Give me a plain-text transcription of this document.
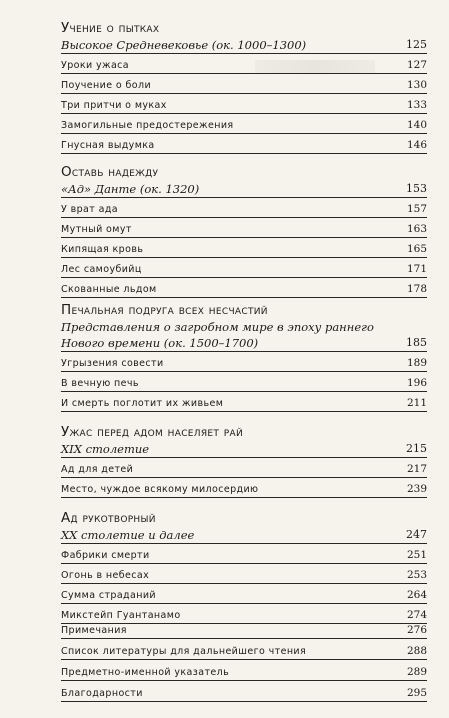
Учение о пытках
Высокое Средневековье (ок. 1000–1300)	125
Уроки ужаса	127
Поучение о боли	130
Три притчи о муках	133
Замогильные предостережения	140
Гнусная выдумка	146
Оставь надежду
«Ад» Данте (ок. 1320)	153
У врат ада	157
Мутный омут	163
Кипящая кровь	165
Лес самоубийц	171
Скованные льдом	178
Печальная подруга всех несчастий
Представления о загробном мире в эпоху раннего
Нового времени (ок. 1500–1700)	185
Угрызения совести	189
В вечную печь	196
И смерть поглотит их живьем	211
Ужас перед адом населяет рай
XIX столетие	215
Ад для детей	217
Место, чуждое всякому милосердию	239
Ад рукотворный
XX столетие и далее	247
Фабрики смерти	251
Огонь в небесах	253
Сумма страданий	264
Микстейп Гуантанамо	274
Примечания	276
Список литературы для дальнейшего чтения	288
Предметно-именной указатель	289
Благодарности	295
